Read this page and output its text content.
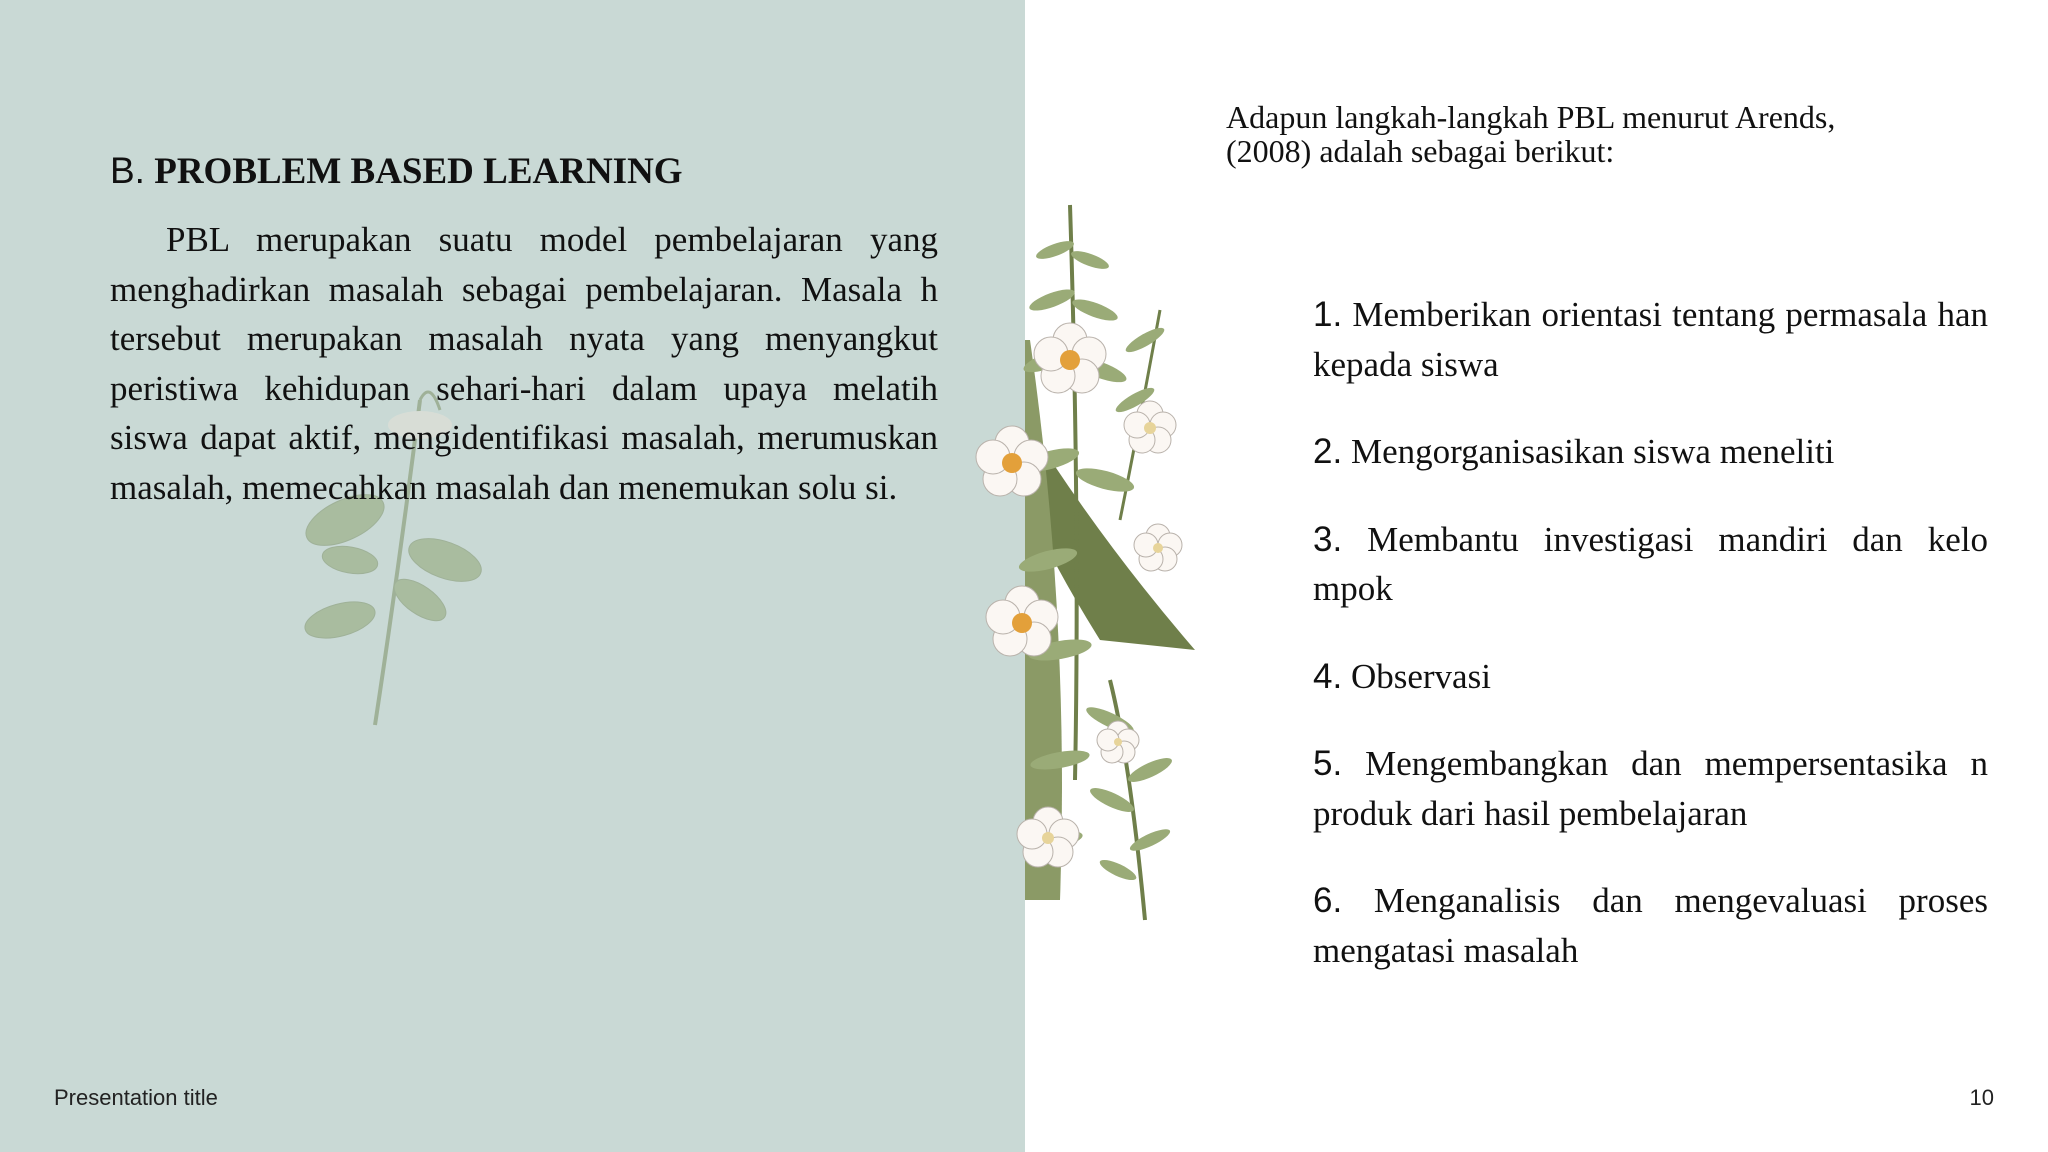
B. PROBLEM BASED LEARNING

PBL merupakan suatu model pembelajaran yang menghadirkan masalah sebagai pembelajaran. Masala h tersebut merupakan masalah nyata yang menyangkut peristiwa kehidupan sehari-hari dalam upaya melatih siswa dapat aktif, mengidentifikasi masalah, merumuskan masalah, memecahkan masalah dan menemukan solu si.

Adapun langkah-langkah PBL menurut Arends, (2008) adalah sebagai berikut:

1. Memberikan orientasi tentang permasala han kepada siswa
2. Mengorganisasikan siswa meneliti
3. Membantu investigasi mandiri dan kelo mpok
4. Observasi
5. Mengembangkan dan mempersentasika n produk dari hasil pembelajaran
6. Menganalisis dan mengevaluasi proses mengatasi masalah
Presentation title	10
